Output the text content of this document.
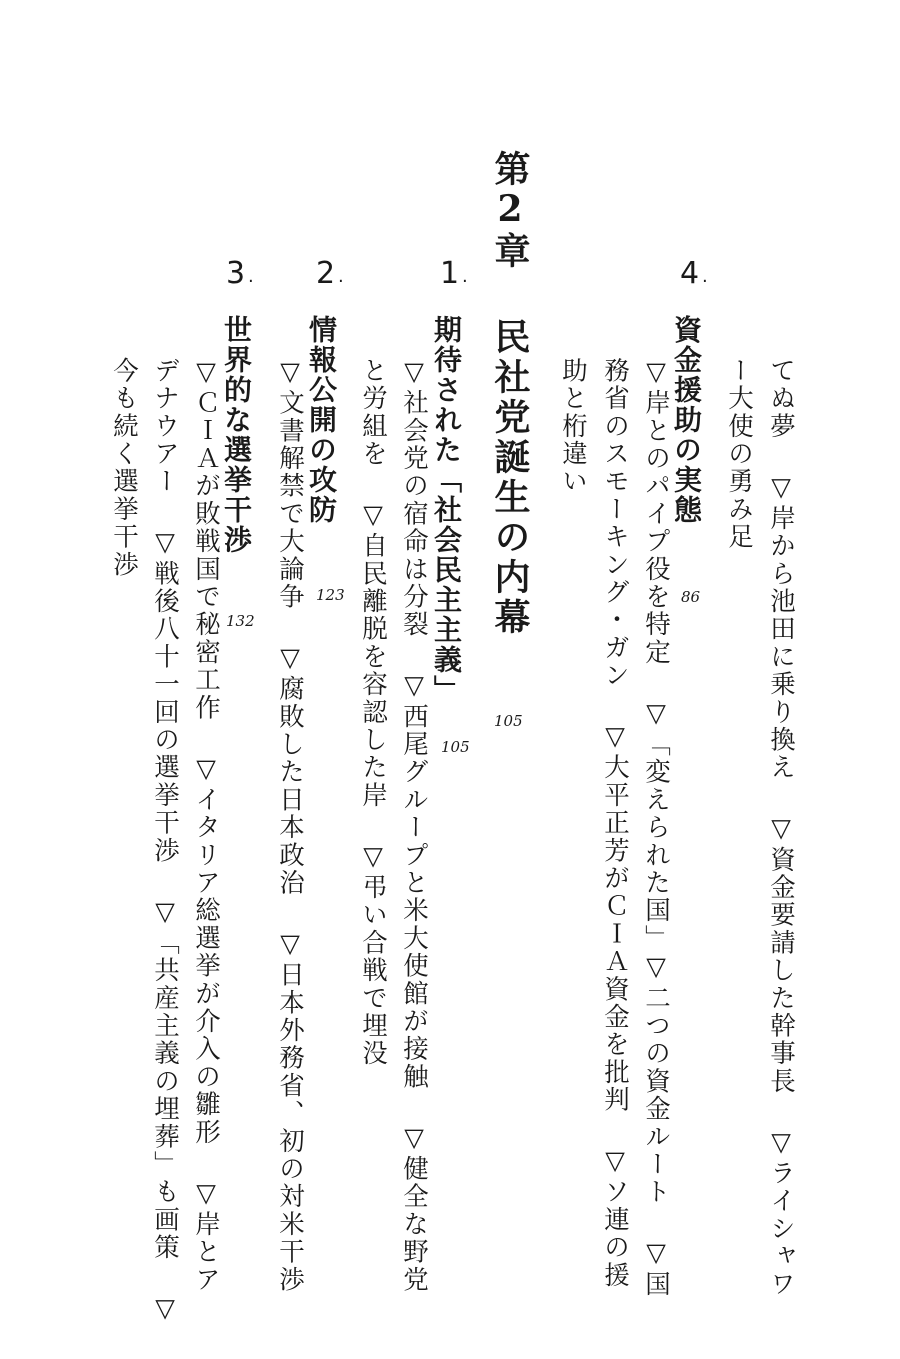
てぬ夢 ▽岸から池田に乗り換え ▽資金要請した幹事長 ▽ライシャワ
ー大使の勇み足
4 .
資金援助の実態
86
▽岸とのパイプ役を特定 ▽「変えられた国」▽二つの資金ルート ▽国
務省のスモーキング・ガン ▽大平正芳がＣＩＡ資金を批判 ▽ソ連の援
助と桁違い
第2章
民社党誕生の内幕
105
1 .
期待された「社会民主主義」
105
▽社会党の宿命は分裂 ▽西尾グループと米大使館が接触 ▽健全な野党
と労組を ▽自民離脱を容認した岸 ▽弔い合戦で埋没
2 .
情報公開の攻防
123
▽文書解禁で大論争 ▽腐敗した日本政治 ▽日本外務省、初の対米干渉
3 .
世界的な選挙干渉
132
▽ＣＩＡが敗戦国で秘密工作 ▽イタリア総選挙が介入の雛形 ▽岸とア
デナウアー ▽戦後八十一回の選挙干渉 ▽「共産主義の埋葬」も画策 ▽
今も続く選挙干渉
